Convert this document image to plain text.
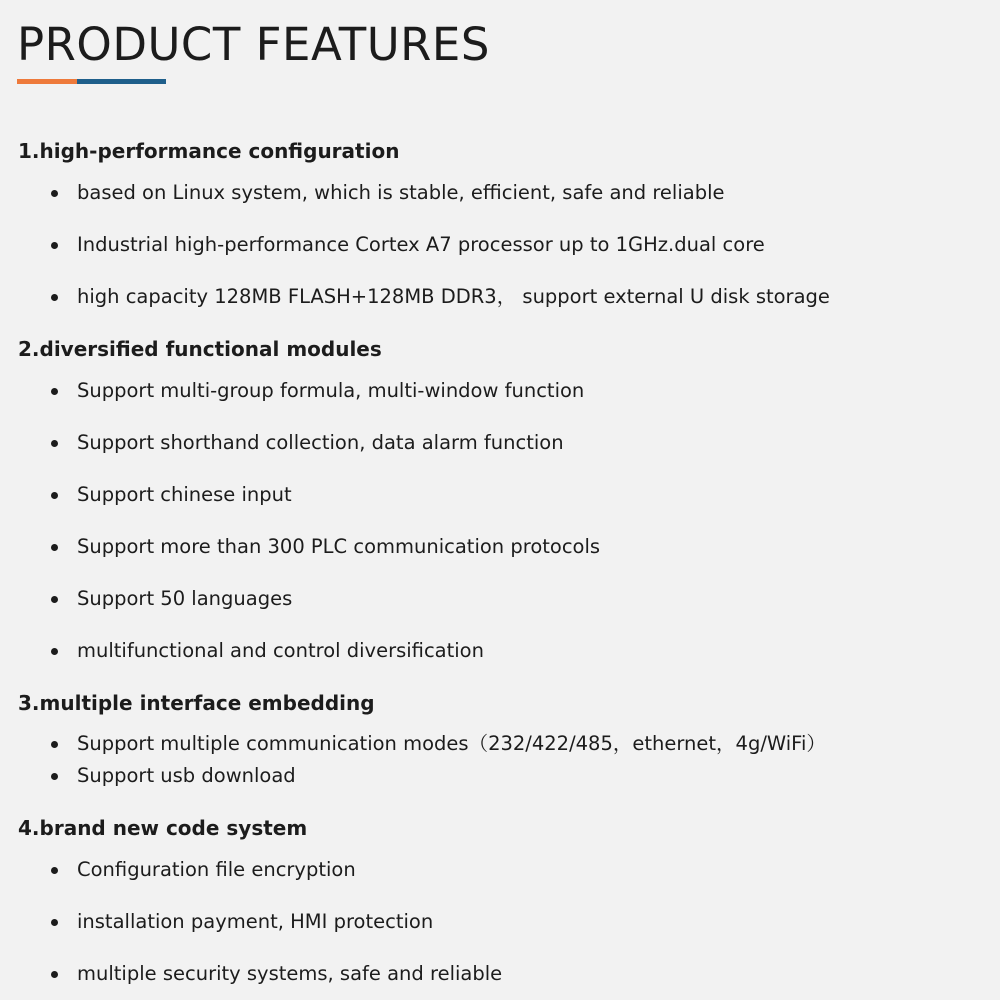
PRODUCT FEATURES
1.high-performance configuration
based on Linux system, which is stable, efficient, safe and reliable
Industrial high-performance Cortex A7 processor up to 1GHz.dual core
high capacity 128MB FLASH+128MB DDR3， support external U disk storage
2.diversified functional modules
Support multi-group formula, multi-window function
Support shorthand collection, data alarm function
Support chinese input
Support more than 300 PLC communication protocols
Support 50 languages
multifunctional and control diversification
3.multiple interface embedding
Support multiple communication modes（232/422/485，ethernet，4g/WiFi）
Support usb download
4.brand new code system
Configuration file encryption
installation payment, HMI protection
multiple security systems, safe and reliable
